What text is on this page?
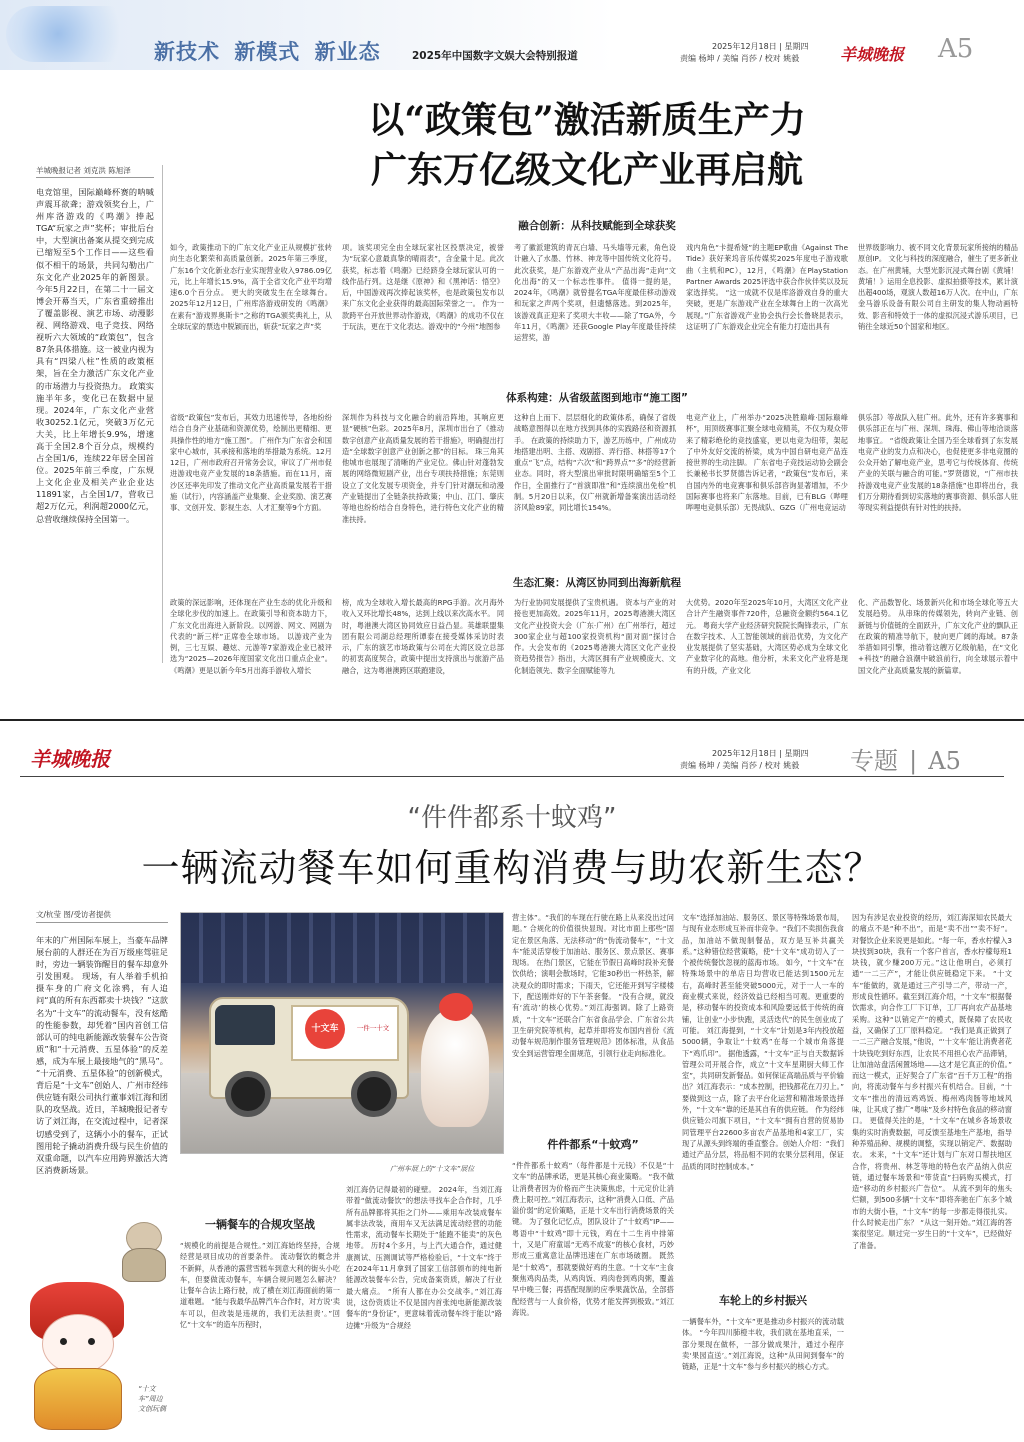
新技术 新模式 新业态	2025年中国数字文娱大会特别报道
2025年12月18日 | 星期四
责编 杨坤 / 美编 肖莎 / 校对 姚毅	羊城晚报 A5
以“政策包”激活新质生产力
广东万亿级文化产业再启航
羊城晚报记者 刘克洪 陈旭泽
电竞馆里，国际巅峰杯赛的呐喊声震耳欲聋；游戏领奖台上，广州库洛游戏的《鸣潮》捧起TGA“玩家之声”奖杯；审批后台中，大型演出备案从提交到完成已缩短至5个工作日——这些看似不相干的场景，共同勾勒出广东文化产业2025年的新图景。 今年5月22日，在第二十一届文博会开幕当天，广东省重磅推出了覆盖影视、演艺市场、动漫影视、网络游戏、电子竞技、网络视听六大领域的“政策包”，包含87条具体措施。这一被业内视为具有“四梁八柱”性质的政策框架，旨在全力激活广东文化产业的市场潜力与投资热力。 政策实施半年多，变化已在数据中显现。2024年，广东文化产业营收30252.1亿元，突破3万亿元大关，比上年增长9.9%，增速高于全国2.8个百分点，规模约占全国1/6，连续22年居全国首位。2025年前三季度，广东规上文化企业及相关产业企业达11891家，占全国1/7，营收已超2万亿元，利润超2000亿元，总营收继续保持全国第一。
融合创新：从科技赋能到全球获奖
如今，政策推动下的广东文化产业正从规模扩张转向生态化繁荣和高质量创新。2025年第三季度，广东16个文化新业态行业实现营业收入9786.09亿元，比上年增长15.9%，高于全省文化产业平均增速6.0个百分点。 更大的突破发生在全球舞台。2025年12月12日，广州库洛游戏研发的《鸣潮》在素有“游戏界奥斯卡”之称的TGA颁奖典礼上，从全球玩家的票选中脱颖而出，斩获“玩家之声”奖
项。该奖项完全由全球玩家社区投票决定，被誉为“玩家心意最真挚的晴雨表”，含金量十足。此次获奖，标志着《鸣潮》已经跻身全球玩家认可的一线作品行列。这是继《原神》和《黑神话：悟空》后，中国游戏再次捧起该奖杯，也是政策包发布以来广东文化企业获得的最高国际荣誉之一。 作为一款跨平台开放世界动作游戏，《鸣潮》的成功不仅在于玩法，更在于文化表达。游戏中的“今州”地图参
考了徽派建筑的青瓦白墙、马头墙等元素，角色设计融入了水墨、竹林、神龙等中国传统文化符号。此次获奖，是广东游戏产业从“产品出海”走向“文化出海”的又一个标志性事件。 值得一提的是，2024年，《鸣潮》就曾提名TGA年度最佳移动游戏和玩家之声两个奖项，但遗憾落选。到2025年，该游戏真正迎来了奖项大丰收——除了TGA外，今年11月，《鸣潮》还获Google Play年度最佳持续运营奖，游
戏内角色“卡提希娅”的主题EP歌曲《Against The Tide》获好莱坞音乐传媒奖2025年度电子游戏歌曲（主机和PC），12月，《鸣潮》在PlayStation Partner Awards 2025评选中获合作伙伴奖以及玩家选择奖。 “这一成就不仅是库洛游戏自身的重大突破，更是广东游戏产业在全球舞台上的一次高光展现。”广东省游戏产业协会执行会长鲁晓昆表示，这证明了广东游戏企业完全有能力打造出具有
世界级影响力、被不同文化背景玩家所接纳的精品原创IP。 文化与科技的深度融合，催生了更多新业态。在广州黄埔，大型光影沉浸式舞台剧《黄埔！黄埔！》运用全息投影、虚拟拍摄等技术，累计演出超400场，观演人数超16万人次。在中山，广东金马游乐设备有限公司自主研发的集人物动画特效、影音和特效于一体的虚拟沉浸式游乐项目，已销往全球近50个国家和地区。
体系构建：从省级蓝图到地市“施工图”
省级“政策包”发布后，其效力迅速传导，各地纷纷结合自身产业基础和资源优势，绘制出更精细、更具操作性的地方“施工图”。 广州作为广东省会和国家中心城市，其承接和落地的举措最为系统。12月12日，广州市政府召开常务会议，审议了广州市促进游戏电竞产业发展的18条措施。而在11月，南沙区还率先印发了推动文化产业高质量发展若干措施（试行），内容涵盖产业集聚、企业奖励、演艺赛事、文创开发、影视生态、人才汇聚等9个方面。
深圳作为科技与文化融合的前沿阵地，其响应更显“硬核”色彩。2025年8月，深圳市出台了《推动数字创意产业高质量发展的若干措施》，明确提出打造“全球数字创意产业创新之都”的目标。 珠三角其他城市也展现了清晰的产业定位。佛山针对蓬勃发展的网络微短剧产业，出台专项扶持措施；东莞则设立了文化发展专项资金，并专门针对潮玩和动漫产业链提出了全链条扶持政策；中山、江门、肇庆等地也纷纷结合自身特色，进行特色文化产业的精准扶持。
这种自上而下、层层细化的政策体系，确保了省级战略意图得以在地方找到具体的实践路径和资源抓手。 在政策的持续助力下，游艺历练中，广州成功地搭建出明、主搭、戏剧搭、弄行搭、林搭等17个重点“飞”点，结构“六次”和“跨界点”“多”的经营新业态。同时，将大型演出审批时限明确缩至5个工作日，全面推行了“首演即准”和“连续演出免检”机制。5月20日以来，仅广州就新增备案演出活动经济风险89家，同比增长154%。
电竞产业上，广州举办“2025决胜巅峰·国际巅峰杯”，用顶级赛事汇聚全球电竞精英，不仅为观众带来了精彩绝伦的竞技盛宴，更以电竞为纽带，架起了中外友好交流的桥梁，成为中国自研电竞产品连接世界的生动注脚。 广东省电子竞技运动协会副会长兼秘书长罗贤德告诉记者，“政策包”发布后，来自国内外的电竞赛事和俱乐部咨询显著增加，不少国际赛事也将来广东落地。目前，已有BLG（哔哩哔哩电竞俱乐部）无畏战队、GZG（广州电竞运动
俱乐部）等战队入驻广州。此外，还有许多赛事和俱乐部正在与广州、深圳、珠海、佛山等地洽谈落地事宜。 “省级政策让全国乃至全球看到了东发展电竞产业的发力点和决心，也促使更多非电竞圈的公众开始了解电竞产业，思考它与传统体育、传统产业的关联与融合的可能。”罗贤德说，“广州市扶持游戏电竞产业发展的18条措施”也即将出台，我们万分期待看到切实落地的赛事资源、俱乐部人驻等现实利益提供有针对性的扶持。
生态汇聚：从湾区协同到出海新航程
政策的深远影响，还体现在产业生态的优化升级和全球化步伐的加速上。在政策引导和资本助力下，广东文化出海进入新阶段。以网游、网文、网剧为代表的“新三样”正席卷全球市场。 以游戏产业为例，三七互娱、趣炫、元游等7家游戏企业已被评选为“2025—2026年度国家文化出口重点企业”。《鸣潮》更是以新今年5月出海手游收入增长
榜，成为全球收入增长最高的RPG手游。次月海外收入又环比增长48%，达到上线以来次高水平。 同时，粤港澳大湾区协同效应日益凸显。英雄联盟集团有限公司湖总经理所谭泰在接受媒体采访时表示，广东的演艺市场政策与公司在大湾区设立总部的初衷高度契合，政策中提出支持演出与旅游产品融合，这为粤港澳跨区联跑建设，
为行业协同发展提供了宝贵机遇。 资本与产业的对接也更加高效。2025年11月，2025粤港澳大湾区文化产业投资大会（广东·广州）在广州举行，超过300家企业与超100家投资机构“面对面”探讨合作。大会发布的《2025粤港澳大湾区文化产业投资趋势报告》指出，大湾区拥有产业规模庞大、文化制造领先、数字全面赋能等九
大优势。2020年至2025年10月，大湾区文化产业合计产生融资事件720件，总融资金额约564.1亿元。 粤商大学产业经济研究院院长陶锋表示，广东在数字技术、人工智能领域的前沿优势，为文化产业发展提供了坚实基础，大湾区势必成为全球文化产业数字化的高地。他分析，未来文化产业将是现有的升级，产业文化
化、产品数智化、场景新兴化和市场全球化等五大发展趋势。 从串珠的传媒领先，转向产业链、创新链与价值链的全面跃升，广东文化产业的飘队正在政策的精准导航下，驶向更广阔的海域。87条举措如同引擎，推动着这艘万亿级航船，在“文化+科技”的融合浪潮中破浪前行，向全球展示着中国文化产业高质量发展的新篇章。
羊城晚报	2025年12月18日 | 星期四
责编 杨坤 / 美编 肖莎 / 校对 姚毅 专题 | A5
“件件都系十蚊鸡”
一辆流动餐车如何重构消费与助农新生态？
文/杭莹 图/受访者提供
年末的广州国际车展上，当豪车品牌展台前的人群还在为百万级座驾驻足时，旁边一辆装饰醒目的餐车却意外引发围观。 现场，有人举着手机拍摄车身的广府文化涂鸦，有人追问“真的所有东西都卖十块钱？”这款名为“十文车”的流动餐车，没有炫酷的性能参数，却凭着“国内首创工信部认可的纯电新能源改装餐车公告资质”和“十元消费、五星体验”的反差感，成为车展上最接地气的“黑马”。 “十元消费、五星体验”的创新模式，背后是“十文车”创始人、广州市经纬供应链有限公司执行董事刘江海和团队的攻坚战。近日，羊城晚报记者专访了刘江海，在交流过程中，记者深切感受到了，这辆小小的餐车，正试图用轮子撬动消费升级与民生价值的双重命题，以汽车应用跨界激活大湾区消费新场景。
“十文车”周边文创玩偶
十文车	一件一十文
广州车展上的“十文车”展位
营主体”。“我们的车现在行驶在路上从来没出过问题。” 合规化的价值很快显现。对比市面上那些“固定在景区角落、无法移动”的“伪流动餐车”，“十文车”能灵活穿梭于加油站、服务区、景点景区、赛事现场。 在热门景区，它能在节假日高峰时段补充餐饮供给；演唱会散场时，它能30秒出一杯热茶，解决观众的即时需求；下雨天，它还能开到写字楼楼下，配送刚炸好的下午茶套餐。 “没有合规，就没有‘流动’的核心优势。”刘江海强调。除了上路资质，“十文车”还联合广东省食品学会、广东省公共卫生研究院等机构，起草并即将发布国内首份《流动餐车规范制作服务管理规范》团体标准，从食品安全到运营管理全面规范，引领行业走向标准化。
件件都系“十蚊鸡”
“件件都系十蚊鸡”（每件都是十元钱）不仅是“十文车”的品牌承诺，更是其核心商业策略。 “我不做让消费者因为价格而产生决策焦虑，十元定价让消费上限可控。”刘江海表示，这种“消费入口低、产品溢价弱”的定价策略，正是十文车出行消费场景的关键。 为了强化记忆点，团队设计了“十蚊鸡”IP——粤语中“十蚊鸡”即十元钱，鸡在十二生肖中排第十，又是广府童谣“无鸡不成宴”的核心食材，巧妙形成三重寓意让品牌迅速在广东市场破圈。 既然是“十蚊鸡”，那就要做好鸡的生意。“十文车”主食聚焦鸡肉品类，从鸡肉饭、鸡肉卷到鸡肉粥，覆盖早中晚三餐；再搭配现制的应季果蔬饮品，全部搭配经营与一人食价格，优势才能发挥到极致。”刘江海说。
一辆餐车的合规攻坚战
“规模化的前提是合规性。”刘江海始终坚持，合规经营是项目成功的首要条件。 流动餐饮的概念并不新鲜，从香港的露营雪糕车到意大利的街头小吃车，但要做流动餐车，车辆合规问题怎么解决？ 让餐车合法上路行驶，成了横在刘江海面前的第一道难题。 “能与我最华品牌汽车合作时，对方说‘卖车可以，但改装是违规的，我们无法担责’。”回忆“十文车”的造车历程时，
刘江海仍记得最初的碰壁。 2024年，当刘江海带着“做流动餐饮”的想法寻找车企合作时，几乎所有品牌都将其拒之门外——乘用车改装成餐车属非法改装，商用车又无法满足流动经营的功能性需求，流动餐车长期处于“能跑不能卖”的灰色地带。 历时4个多月，与上汽大通合作，通过健康测试、压测调试等严格检验后，“十文车”终于在2024年11月拿到了国家工信部颁布的纯电新能源改装餐车公告，完成备案资质，解决了行业最大痛点。 “所有人都在办公交战李。”刘江海说，这份资质让不仅是国内首张纯电新能源改装餐车的“身份证”，更意味着流动餐车终于能以“路边摊”升级为“合规经
文车”选择加油站、服务区、景区等特殊场景布局，与现有业态形成互补而非竞争。“我们不卖损伤我食品，加油站不做现制餐品，双方是互补共赢关系。”这种错位经营策略，使“十文车”成功切入了一个被传统餐饮忽视的蓝海市场。 如今，“十文车”在特殊场景中的单店日均营收已能达到1500元左右，高峰时甚至能突破5000元，对于一人一车的商业模式来说，经济效益已经相当可观。更重要的是，移动餐车的投资成本和风险要远低于传统的商铺，让创业“小步快跑，灵活迭代”的民生创业成了可能。 刘江海提到，“十文车”计划是3年内投放超5000辆，争取让“十蚊鸡”在每一个城市角落提下“鸡爪印”。 据他透露，“十文车”正与自天数据诉管理公司开展合作，成立“十文车星期厨大师工作室”，共同研发新餐品。如何保证高端品质与平价输出？刘江海表示：“成本控制，把钱都花在刀刃上。” 要做到这一点，除了去平台化运营和精准场景选择外，“十文车”靠的还是其自有的供应链。 作为经纬供应链公司旗下项目，“十文车”拥有自营的贸易协同管理平台22600多亩农产品基地和4家工厂，实现了从源头到终端的垂直整合。创始人介绍：“我们通过产品分层，将品相不同的农果分层利用，保证品质的同时控制成本。”
车轮上的乡村振兴
一辆餐车外，“十文车”更是推动乡村振兴的流动载体。 “今年四川肺橙丰收，我们就在基地直采，一部分果现在做杯，一部分做成果汁，通过小程序卖‘果园直送’。”刘江海说，这种“从田间到餐车”的链路，正是“十文车”参与乡村振兴的核心方式。
因为有涉足农业投资的经历，刘江海深知农民最大的痛点不是“种不出”，而是“卖不出”“卖不好”。 对餐饮企业来说更是如此。“每一年，香水柠檬入3块找到30块，我有一个客户首言，香水柠檬每班1块钱，就少赚200万元。”这让他明白，必须打通“一二三产”，才能让供应链稳定下来。 “十文车”能做的，就是通过三产引导二产，带动一产，形成良性循环。截至到江海介绍，“十文车”根据餐饮需求，向合作工厂下订单，工厂再向农产品基地采购。这种“以销定产”的模式，既保障了农民收益，又确保了工厂原料稳定。 “我们是真正做到了一二三产融合发展，”他说，“‘十文车’能让消费者花十块钱吃到好东西，让农民不用担心农产品滞销，让加油站盘活闲置场地——这才是它真正的价值。” 而这一模式，正好契合了广东省“百千万工程”的指向，将流动餐车与乡村振兴有机结合。目前，“十文车”推出的清远鸡鸡饭、梅州鸡肉肠等地域风味，让其成了推广“粤味”及乡村特色食品的移动窗口。 更值得关注的是，“十文车”在城乡各场景收集的实时消费数据，可反馈至基地生产基地，指导种养殖品种、规模的调整，实现以销定产、数据助农。 未来，“十文车”还计划与广东对口帮扶地区合作，将贵州、林芝等地的特色农产品纳入供应链，通过餐车场景和“带货直”扫码购买模式，打造“移动的乡村振兴广告位”。 从流不到年的焦头烂额，到500多辆“十文车”即将奔驰在广东多个城市的大街小巷，“十文车”的每一步都走得很扎实。 什么时候走出广东？ “从这一刻开始。”刘江海的答案很坚定。顺过完一岁生日的“十文车”，已经做好了准备。
